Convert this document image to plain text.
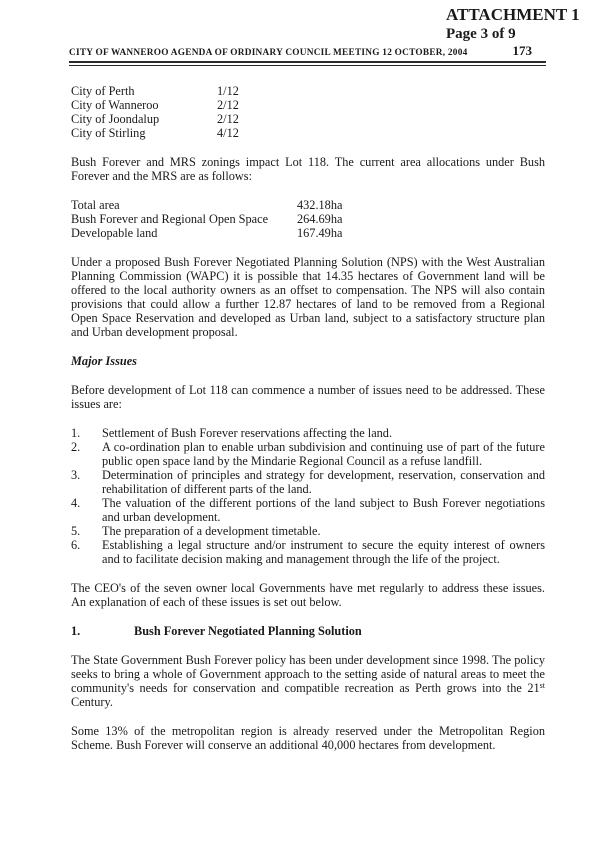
ATTACHMENT 1
Page 3 of 9
CITY OF WANNEROO AGENDA OF ORDINARY COUNCIL MEETING 12 OCTOBER, 2004	173
City of Perth	1/12
City of Wanneroo	2/12
City of Joondalup	2/12
City of Stirling	4/12

Bush Forever and MRS zonings impact Lot 118. The current area allocations under Bush Forever and the MRS are as follows:

Total area	432.18ha
Bush Forever and Regional Open Space	264.69ha
Developable land	167.49ha

Under a proposed Bush Forever Negotiated Planning Solution (NPS) with the West Australian Planning Commission (WAPC) it is possible that 14.35 hectares of Government land will be offered to the local authority owners as an offset to compensation. The NPS will also contain provisions that could allow a further 12.87 hectares of land to be removed from a Regional Open Space Reservation and developed as Urban land, subject to a satisfactory structure plan and Urban development proposal.

Major Issues

Before development of Lot 118 can commence a number of issues need to be addressed. These issues are:

1.	Settlement of Bush Forever reservations affecting the land.
2.	A co-ordination plan to enable urban subdivision and continuing use of part of the future public open space land by the Mindarie Regional Council as a refuse landfill.
3.	Determination of principles and strategy for development, reservation, conservation and rehabilitation of different parts of the land.
4.	The valuation of the different portions of the land subject to Bush Forever negotiations and urban development.
5.	The preparation of a development timetable.
6.	Establishing a legal structure and/or instrument to secure the equity interest of owners and to facilitate decision making and management through the life of the project.

The CEO's of the seven owner local Governments have met regularly to address these issues. An explanation of each of these issues is set out below.

1.	Bush Forever Negotiated Planning Solution

The State Government Bush Forever policy has been under development since 1998. The policy seeks to bring a whole of Government approach to the setting aside of natural areas to meet the community's needs for conservation and compatible recreation as Perth grows into the 21st Century.

Some 13% of the metropolitan region is already reserved under the Metropolitan Region Scheme. Bush Forever will conserve an additional 40,000 hectares from development.
